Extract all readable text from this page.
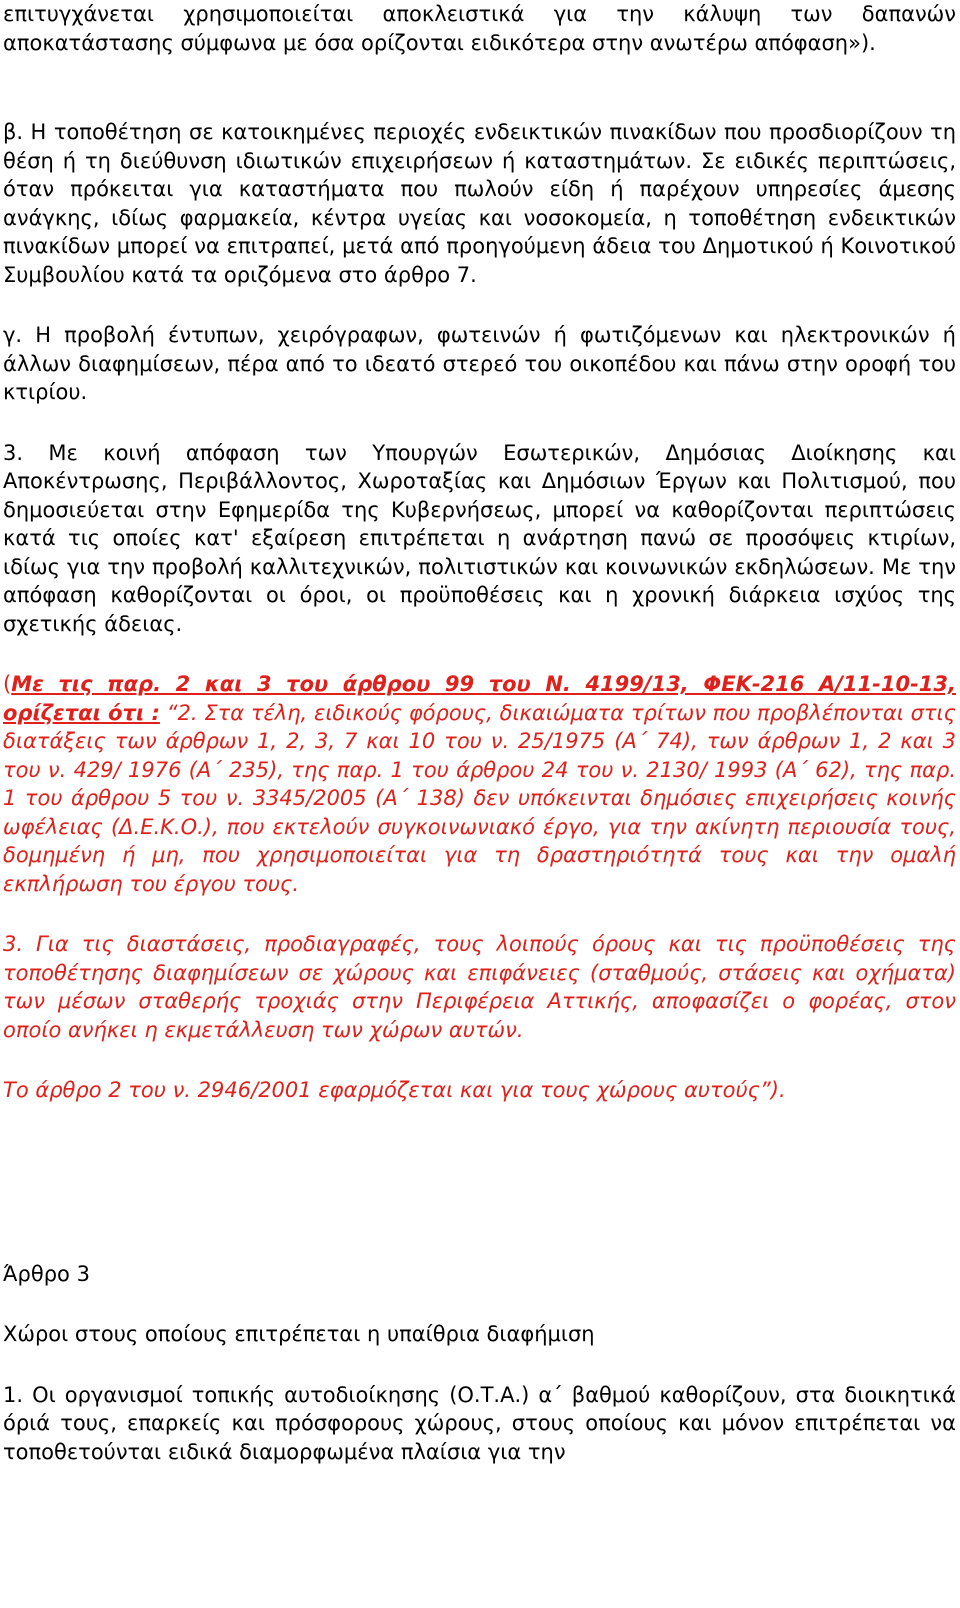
επιτυγχάνεται χρησιμοποιείται αποκλειστικά για την κάλυψη των δαπανών αποκατάστασης σύμφωνα με όσα ορίζονται ειδικότερα στην ανωτέρω απόφαση»).

β. Η τοποθέτηση σε κατοικημένες περιοχές ενδεικτικών πινακίδων που προσδιορίζουν τη θέση ή τη διεύθυνση ιδιωτικών επιχειρήσεων ή καταστημάτων. Σε ειδικές περιπτώσεις, όταν πρόκειται για καταστήματα που πωλούν είδη ή παρέχουν υπηρεσίες άμεσης ανάγκης, ιδίως φαρμακεία, κέντρα υγείας και νοσοκομεία, η τοποθέτηση ενδεικτικών πινακίδων μπορεί να επιτραπεί, μετά από προηγούμενη άδεια του Δημοτικού ή Κοινοτικού Συμβουλίου κατά τα οριζόμενα στο άρθρο 7.

γ. Η προβολή έντυπων, χειρόγραφων, φωτεινών ή φωτιζόμενων και ηλεκτρονικών ή άλλων διαφημίσεων, πέρα από το ιδεατό στερεό του οικοπέδου και πάνω στην οροφή του κτιρίου.

3. Με κοινή απόφαση των Υπουργών Εσωτερικών, Δημόσιας Διοίκησης και Αποκέντρωσης, Περιβάλλοντος, Χωροταξίας και Δημόσιων Έργων και Πολιτισμού, που δημοσιεύεται στην Εφημερίδα της Κυβερνήσεως, μπορεί να καθορίζονται περιπτώσεις κατά τις οποίες κατ' εξαίρεση επιτρέπεται η ανάρτηση πανώ σε προσόψεις κτιρίων, ιδίως για την προβολή καλλιτεχνικών, πολιτιστικών και κοινωνικών εκδηλώσεων. Με την απόφαση καθορίζονται οι όροι, οι προϋποθέσεις και η χρονική διάρκεια ισχύος της σχετικής άδειας.

(Με τις παρ. 2 και 3 του άρθρου 99 του Ν. 4199/13, ΦΕΚ-216 Α/11-10-13, ορίζεται ότι : “2. Στα τέλη, ειδικούς φόρους, δικαιώματα τρίτων που προβλέπονται στις διατάξεις των άρθρων 1, 2, 3, 7 και 10 του ν. 25/1975 (Α΄ 74), των άρθρων 1, 2 και 3 του ν. 429/ 1976 (Α΄ 235), της παρ. 1 του άρθρου 24 του ν. 2130/ 1993 (Α΄ 62), της παρ. 1 του άρθρου 5 του ν. 3345/2005 (Α΄ 138) δεν υπόκεινται δημόσιες επιχειρήσεις κοινής ωφέλειας (Δ.Ε.Κ.Ο.), που εκτελούν συγκοινωνιακό έργο, για την ακίνητη περιουσία τους, δομημένη ή μη, που χρησιμοποιείται για τη δραστηριότητά τους και την ομαλή εκπλήρωση του έργου τους.

3. Για τις διαστάσεις, προδιαγραφές, τους λοιπούς όρους και τις προϋποθέσεις της τοποθέτησης διαφημίσεων σε χώρους και επιφάνειες (σταθμούς, στάσεις και οχήματα) των μέσων σταθερής τροχιάς στην Περιφέρεια Αττικής, αποφασίζει ο φορέας, στον οποίο ανήκει η εκμετάλλευση των χώρων αυτών.

Το άρθρο 2 του ν. 2946/2001 εφαρμόζεται και για τους χώρους αυτούς”).

Άρθρο 3

Χώροι στους οποίους επιτρέπεται η υπαίθρια διαφήμιση

1. Οι οργανισμοί τοπικής αυτοδιοίκησης (Ο.Τ.Α.) α΄ βαθμού καθορίζουν, στα διοικητικά όριά τους, επαρκείς και πρόσφορους χώρους, στους οποίους και μόνον επιτρέπεται να τοποθετούνται ειδικά διαμορφωμένα πλαίσια για την
